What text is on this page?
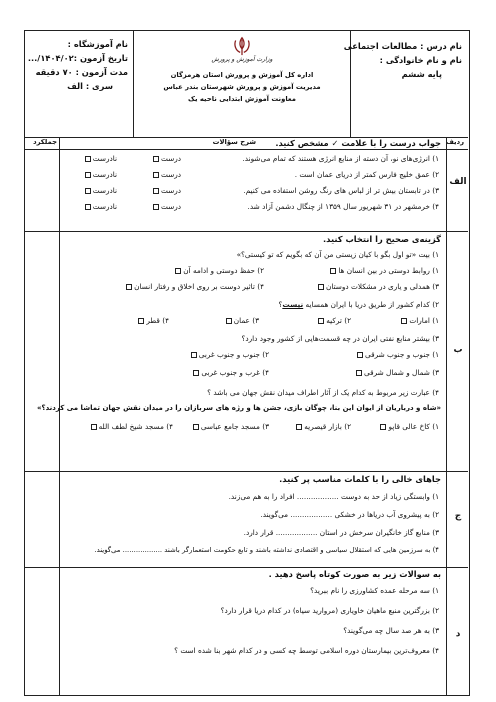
نام درس : مطالعات اجتماعی
نام و نام خانوادگی :
پایه ششم
وزارت آموزش و پرورش
اداره کل آموزش و پرورش استان هرمزگان
مدیریت آموزش و پرورش شهرستان بندر عباس
معاونت آموزش ابتدایی ناحیه یک
نام آموزشگاه :
تاریخ آزمون :۱۴۰۴/۰۲/...
مدت آزمون : ۷۰ دقیقه
سری : الف
ردیف
شرح سؤالات
جملکرد
الف
جواب درست را با علامت ✓ مشخص کنید.
۱) انرژی‌های نو، آن دسته از منابع انرژی هستند که تمام می‌شوند.
۲) عمق خلیج فارس کمتر از دریای عمان است .
۳) در تابستان بیش تر از لباس های رنگ روشن استفاده می کنیم.
۴) خرمشهر در ۳۱ شهریور سال ۱۳۵۹ از چنگال دشمن آزاد شد.
درست
نادرست
درست
نادرست
درست
نادرست
درست
نادرست
ب
گزینه‌ی صحیح را انتخاب کنید.
۱) بیت «تو اول بگو با کیان زیستی من آن که بگویم که تو کیستی؟»
۱) روابط دوستی در بین انسان ها
۲) حفظ دوستی و ادامه آن
۳) همدلی و یاری در مشکلات دوستان
۴) تاثیر دوست بر روی اخلاق و رفتار انسان
۲) کدام کشور از طریق دریا با ایران همسایه نیست؟
۱) امارات
۲) ترکیه
۳) عمان
۴) قطر
۳) بیشتر منابع نفتی ایران در چه قسمت‌هایی از کشور وجود دارد؟
۱) جنوب و جنوب شرقی
۲) جنوب و جنوب غربی
۳) شمال و شمال شرقی
۴) غرب و جنوب غربی
۴) عبارت زیر مربوط به کدام یک از آثار اطراف میدان نقش جهان می باشد ؟
«شاه و درباریان از ایوان این بنا، چوگان بازی، جشن ها و رژه های سربازان را در میدان نقش جهان تماشا می کردند؟»
۱) کاخ عالی قاپو
۲) بازار قیصریه
۳) مسجد جامع عباسی
۴) مسجد شیخ لطف الله
ج
جاهای خالی را با کلمات مناسب پر کنید.
۱) وابستگی زیاد از حد به دوست .................. افراد را به هم می‌زند.
۲) به پیشروی آب دریاها در خشکی .................. می‌گویند.
۳) منابع گاز خانگیران سرخش در استان .................. قرار دارد.
۴) به سرزمین هایی که استقلال سیاسی و اقتصادی نداشته باشند و تابع حکومت استعمارگر باشند .................. می‌گویند.
د
به سوالات زیر به صورت کوتاه پاسخ دهید .
۱) سه مرحله عمده کشاورزی را نام ببرید؟
۲) بزرگترین منبع ماهیان خاویاری (مروارید سیاه) در کدام دریا قرار دارد؟
۳) به هر صد سال چه می‌گویند؟
۴) معروف‌ترین بیمارستان دوره اسلامی توسط چه کسی و در کدام شهر بنا شده است ؟
